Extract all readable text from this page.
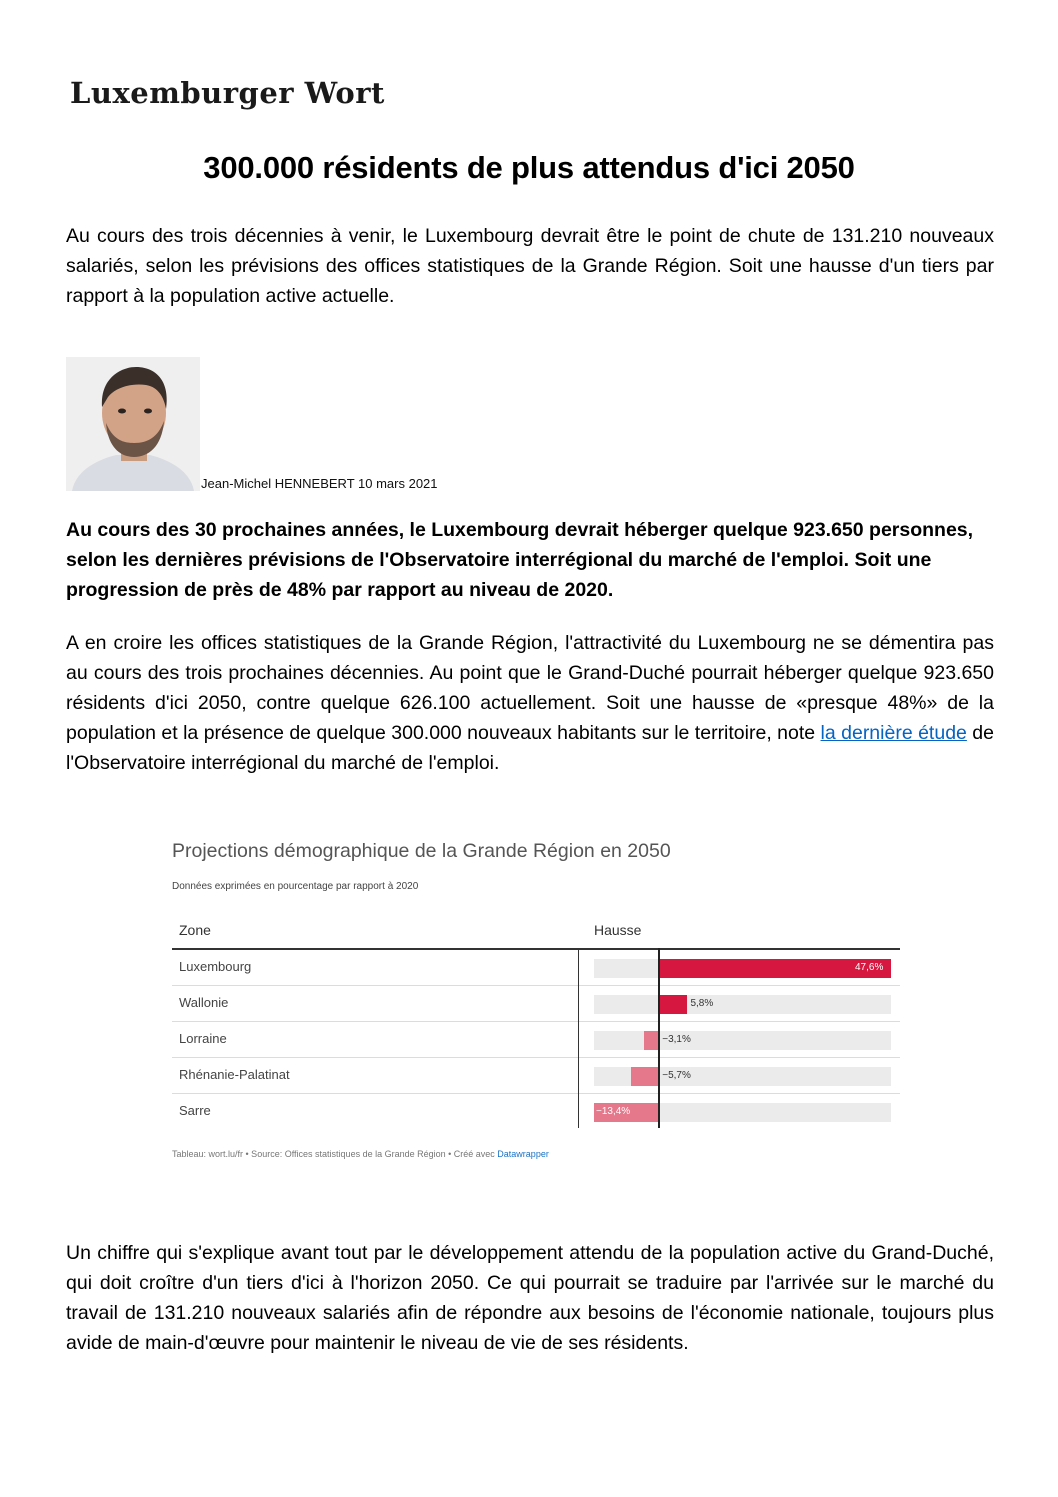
Luxemburger Wort
300.000 résidents de plus attendus d'ici 2050

Au cours des trois décennies à venir, le Luxembourg devrait être le point de chute de 131.210 nouveaux salariés, selon les prévisions des offices statistiques de la Grande Région. Soit une hausse d'un tiers par rapport à la population active actuelle.

Jean-Michel HENNEBERT 10 mars 2021

Au cours des 30 prochaines années, le Luxembourg devrait héberger quelque 923.650 personnes, selon les dernières prévisions de l'Observatoire interrégional du marché de l'emploi. Soit une progression de près de 48% par rapport au niveau de 2020.

A en croire les offices statistiques de la Grande Région, l'attractivité du Luxembourg ne se démentira pas au cours des trois prochaines décennies. Au point que le Grand-Duché pourrait héberger quelque 923.650 résidents d'ici 2050, contre quelque 626.100 actuellement. Soit une hausse de «presque 48%» de la population et la présence de quelque 300.000 nouveaux habitants sur le territoire, note la dernière étude de l'Observatoire interrégional du marché de l'emploi.

Projections démographique de la Grande Région en 2050
Données exprimées en pourcentage par rapport à 2020
Zone	Hausse
Luxembourg	47,6%
Wallonie	5,8%
Lorraine	−3,1%
Rhénanie-Palatinat	−5,7%
Sarre	−13,4%
Tableau: wort.lu/fr • Source: Offices statistiques de la Grande Région • Créé avec Datawrapper

Un chiffre qui s'explique avant tout par le développement attendu de la population active du Grand-Duché, qui doit croître d'un tiers d'ici à l'horizon 2050. Ce qui pourrait se traduire par l'arrivée sur le marché du travail de 131.210 nouveaux salariés afin de répondre aux besoins de l'économie nationale, toujours plus avide de main-d'œuvre pour maintenir le niveau de vie de ses résidents.
